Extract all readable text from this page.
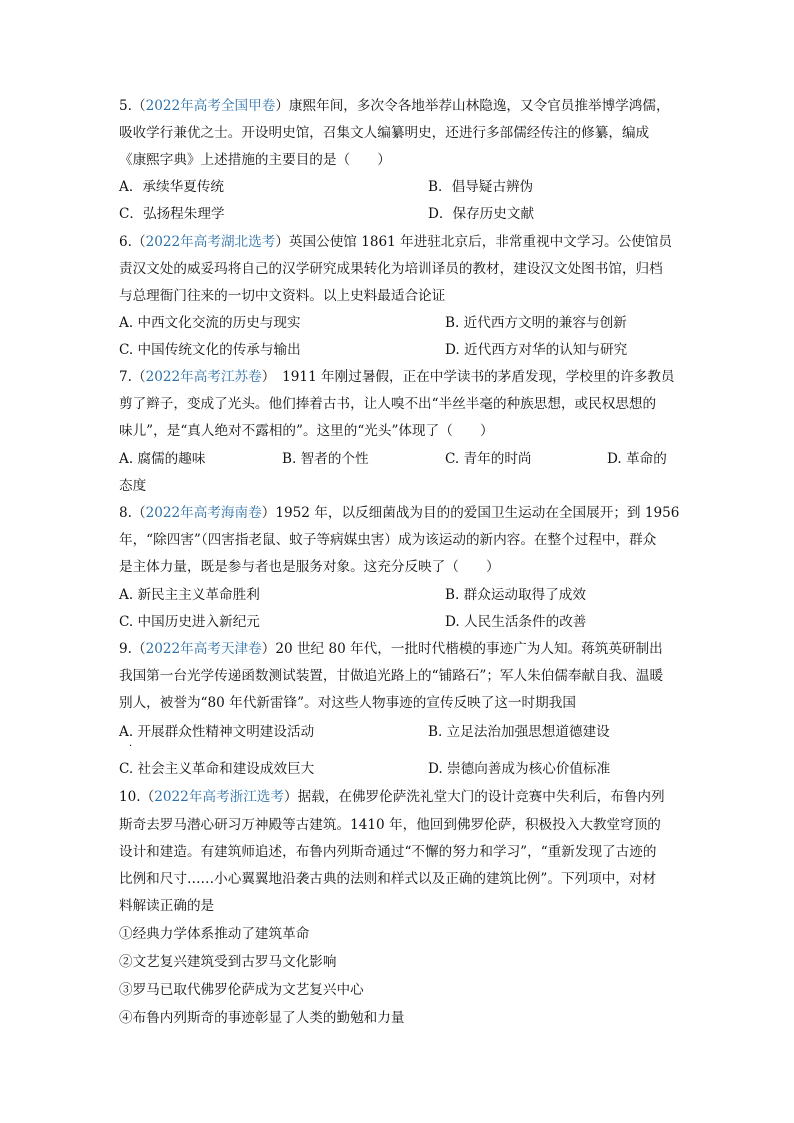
5.（2022年高考全国甲卷）康熙年间，多次令各地举荐山林隐逸，又令官员推举博学鸿儒，
吸收学行兼优之士。开设明史馆，召集文人编纂明史，还进行多部儒经传注的修纂，编成
《康熙字典》上述措施的主要目的是（　　）
A．承续华夏传统	B．倡导疑古辨伪
C．弘扬程朱理学	D．保存历史文献
6.（2022年高考湖北选考）英国公使馆 1861 年进驻北京后，非常重视中文学习。公使馆员
责汉文处的威妥玛将自己的汉学研究成果转化为培训译员的教材，建设汉文处图书馆，归档
与总理衙门往来的一切中文资料。以上史料最适合论证
A. 中西文化交流的历史与现实	B. 近代西方文明的兼容与创新
C. 中国传统文化的传承与输出	D. 近代西方对华的认知与研究
7.（2022年高考江苏卷）　1911 年刚过暑假，正在中学读书的茅盾发现，学校里的许多教员
剪了辫子，变成了光头。他们捧着古书，让人嗅不出“半丝半毫的种族思想，或民权思想的
味儿”，是“真人绝对不露相的”。这里的“光头”体现了（　　）
A. 腐儒的趣味	B. 智者的个性	C. 青年的时尚	D. 革命的
态度
8.（2022年高考海南卷）1952 年，以反细菌战为目的的爱国卫生运动在全国展开；到 1956
年，“除四害”（四害指老鼠、蚊子等病媒虫害）成为该运动的新内容。在整个过程中，群众
是主体力量，既是参与者也是服务对象。这充分反映了（　　）
A. 新民主主义革命胜利	B. 群众运动取得了成效
C. 中国历史进入新纪元	D. 人民生活条件的改善
9.（2022年高考天津卷）20 世纪 80 年代，一批时代楷模的事迹广为人知。蒋筑英研制出
我国第一台光学传递函数测试装置，甘做追光路上的“铺路石”；军人朱伯儒奉献自我、温暖
别人，被誉为“80 年代新雷锋”。对这些人物事迹的宣传反映了这一时期我国
A. 开展群众性精神文明建设活动	B. 立足法治加强思想道德建设
·
C. 社会主义革命和建设成效巨大	D. 崇德向善成为核心价值标准
10.（2022年高考浙江选考）据载，在佛罗伦萨洗礼堂大门的设计竞赛中失利后，布鲁内列
斯奇去罗马潜心研习万神殿等古建筑。1410 年，他回到佛罗伦萨，积极投入大教堂穹顶的
设计和建造。有建筑师追述，布鲁内列斯奇通过“不懈的努力和学习”，“重新发现了古迹的
比例和尺寸……小心翼翼地沿袭古典的法则和样式以及正确的建筑比例”。下列项中，对材
料解读正确的是
①经典力学体系推动了建筑革命
②文艺复兴建筑受到古罗马文化影响
③罗马已取代佛罗伦萨成为文艺复兴中心
④布鲁内列斯奇的事迹彰显了人类的勤勉和力量
